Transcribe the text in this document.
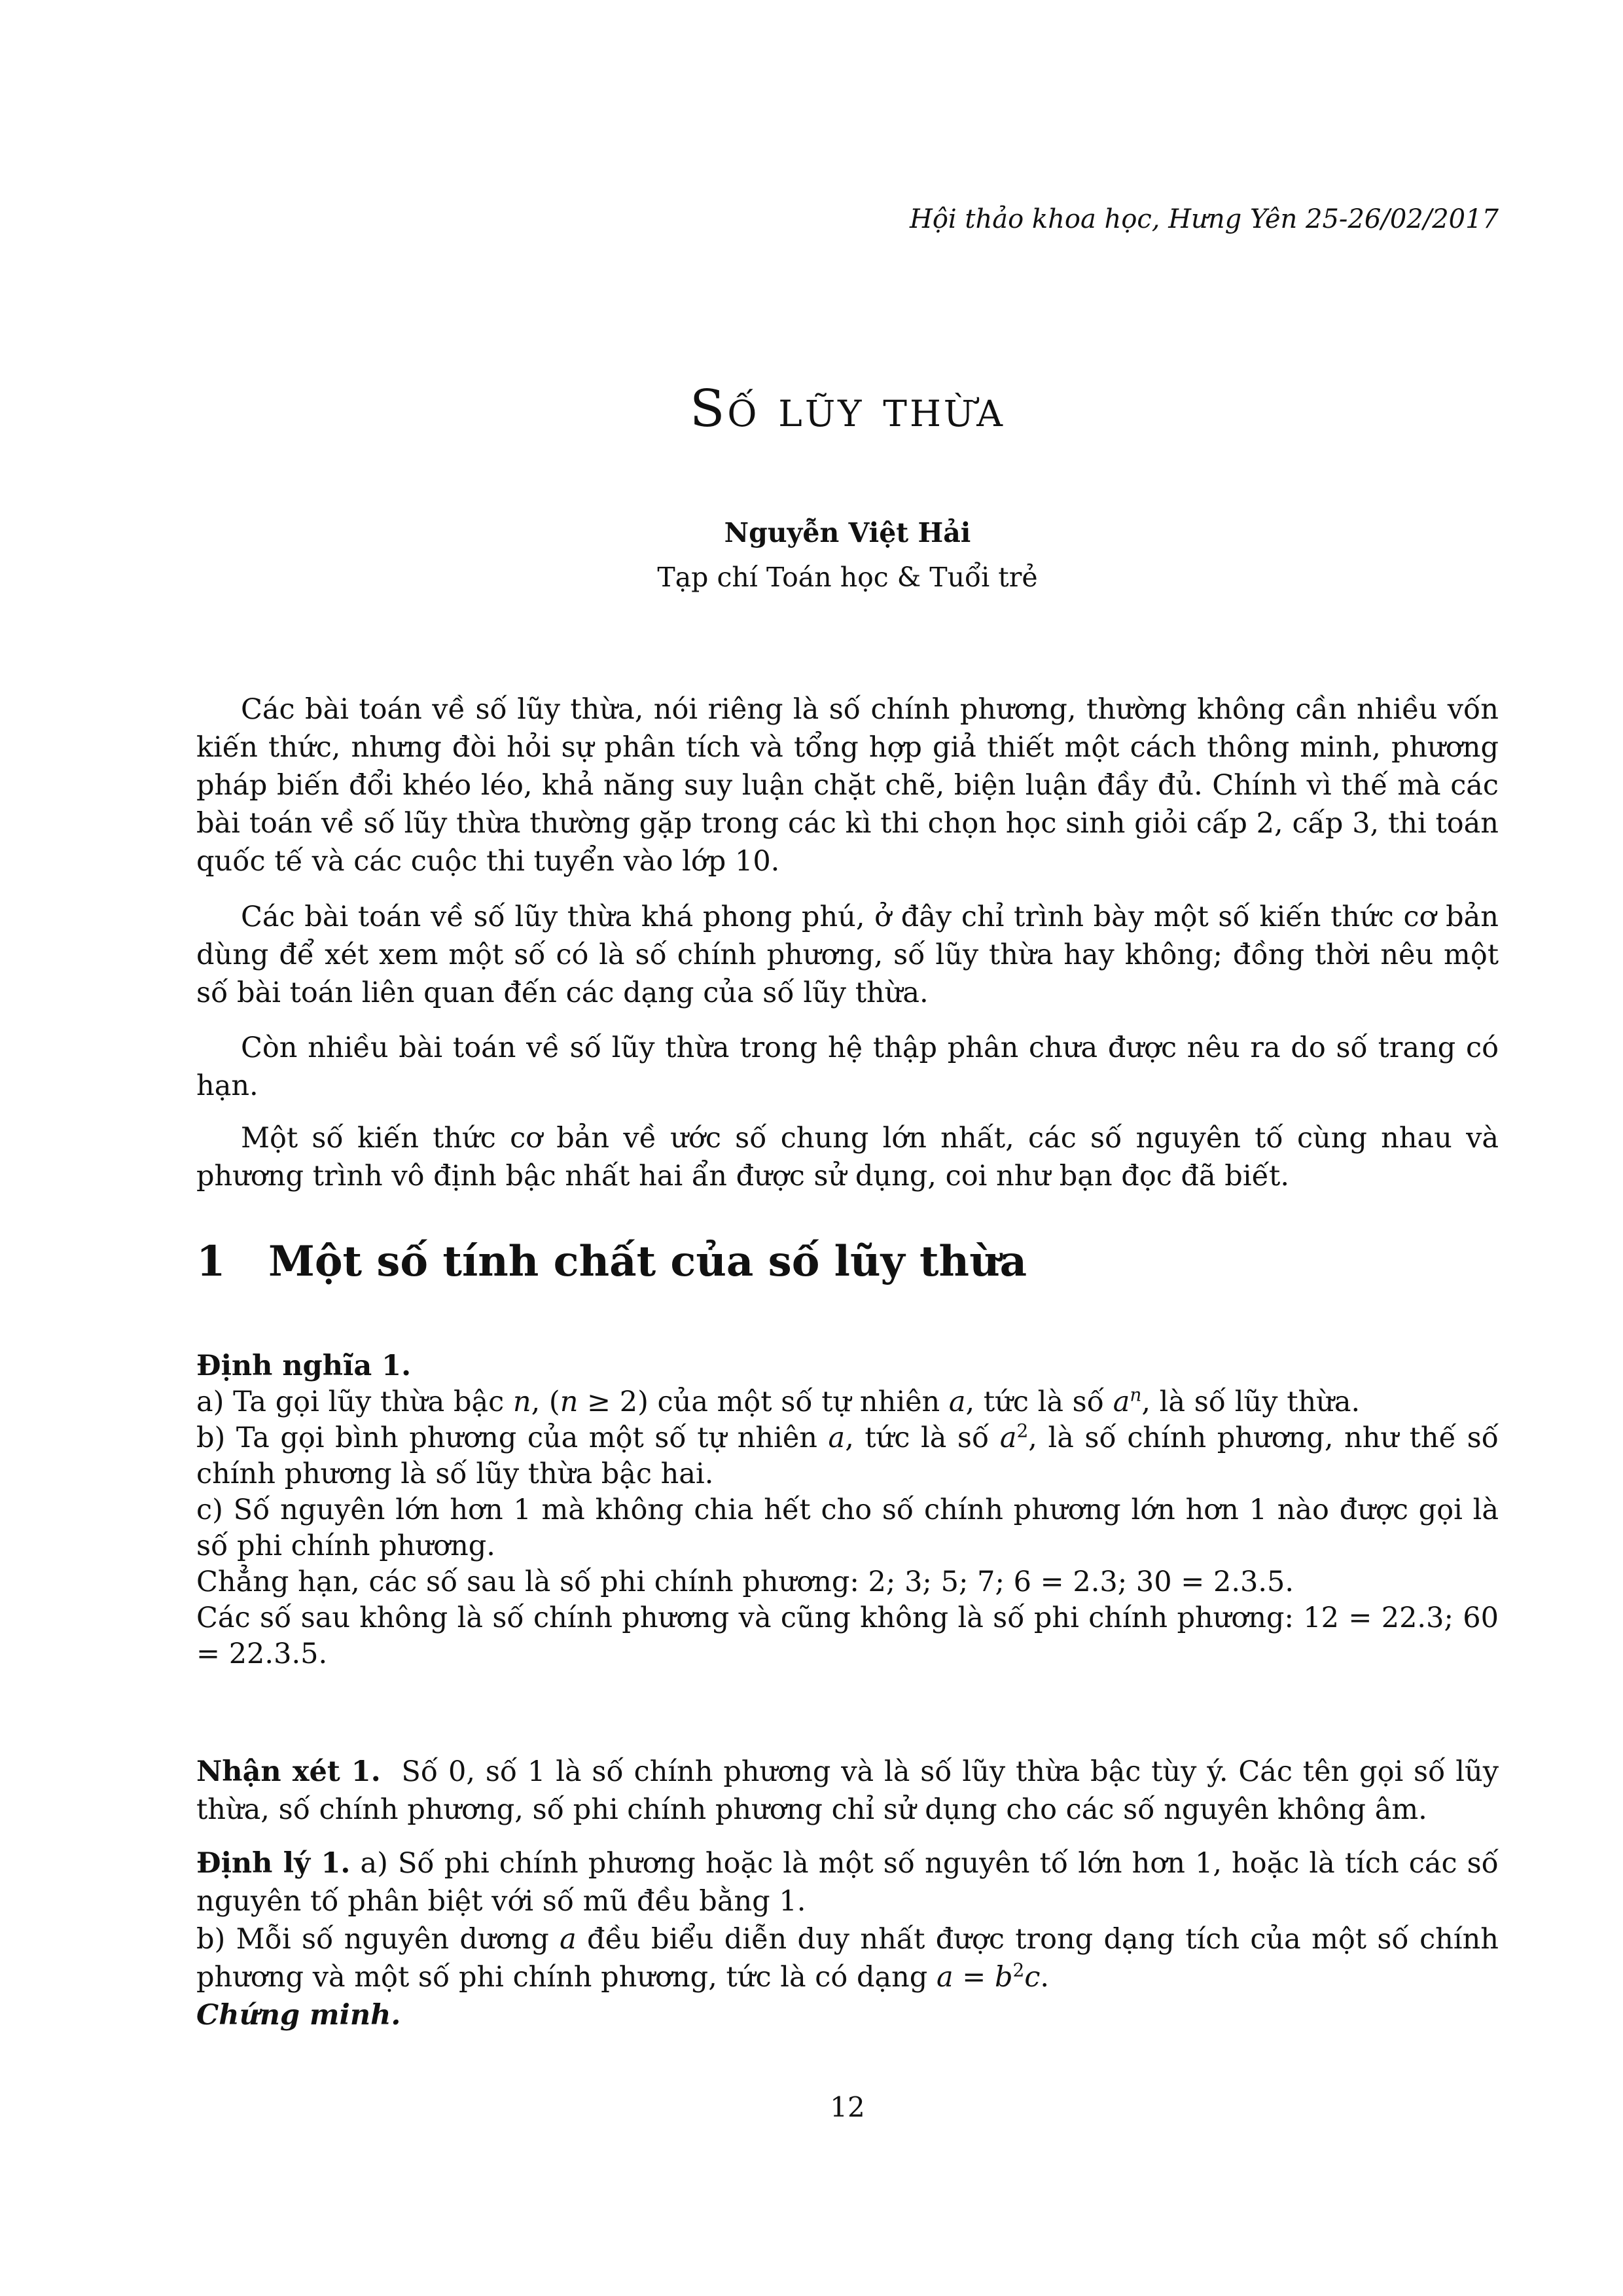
Hội thảo khoa học, Hưng Yên 25-26/02/2017
Số lũy thừa
Nguyễn Việt Hải
Tạp chí Toán học & Tuổi trẻ
Các bài toán về số lũy thừa, nói riêng là số chính phương, thường không cần nhiều vốn kiến thức, nhưng đòi hỏi sự phân tích và tổng hợp giả thiết một cách thông minh, phương pháp biến đổi khéo léo, khả năng suy luận chặt chẽ, biện luận đầy đủ. Chính vì thế mà các bài toán về số lũy thừa thường gặp trong các kì thi chọn học sinh giỏi cấp 2, cấp 3, thi toán quốc tế và các cuộc thi tuyển vào lớp 10.
Các bài toán về số lũy thừa khá phong phú, ở đây chỉ trình bày một số kiến thức cơ bản dùng để xét xem một số có là số chính phương, số lũy thừa hay không; đồng thời nêu một số bài toán liên quan đến các dạng của số lũy thừa.
Còn nhiều bài toán về số lũy thừa trong hệ thập phân chưa được nêu ra do số trang có hạn.
Một số kiến thức cơ bản về ước số chung lớn nhất, các số nguyên tố cùng nhau và phương trình vô định bậc nhất hai ẩn được sử dụng, coi như bạn đọc đã biết.
1 Một số tính chất của số lũy thừa
Định nghĩa 1.
a) Ta gọi lũy thừa bậc n, (n ≥ 2) của một số tự nhiên a, tức là số $a^n$, là số lũy thừa.
b) Ta gọi bình phương của một số tự nhiên a, tức là số $a^2$, là số chính phương, như thế số chính phương là số lũy thừa bậc hai.
c) Số nguyên lớn hơn 1 mà không chia hết cho số chính phương lớn hơn 1 nào được gọi là số phi chính phương.
Chẳng hạn, các số sau là số phi chính phương: 2; 3; 5; 7; 6 = 2.3; 30 = 2.3.5.
Các số sau không là số chính phương và cũng không là số phi chính phương: 12 = 22.3; 60 = 22.3.5.
Nhận xét 1. Số 0, số 1 là số chính phương và là số lũy thừa bậc tùy ý. Các tên gọi số lũy thừa, số chính phương, số phi chính phương chỉ sử dụng cho các số nguyên không âm.
Định lý 1. a) Số phi chính phương hoặc là một số nguyên tố lớn hơn 1, hoặc là tích các số nguyên tố phân biệt với số mũ đều bằng 1.
b) Mỗi số nguyên dương a đều biểu diễn duy nhất được trong dạng tích của một số chính phương và một số phi chính phương, tức là có dạng $a = b^2c$.
Chứng minh.
12
